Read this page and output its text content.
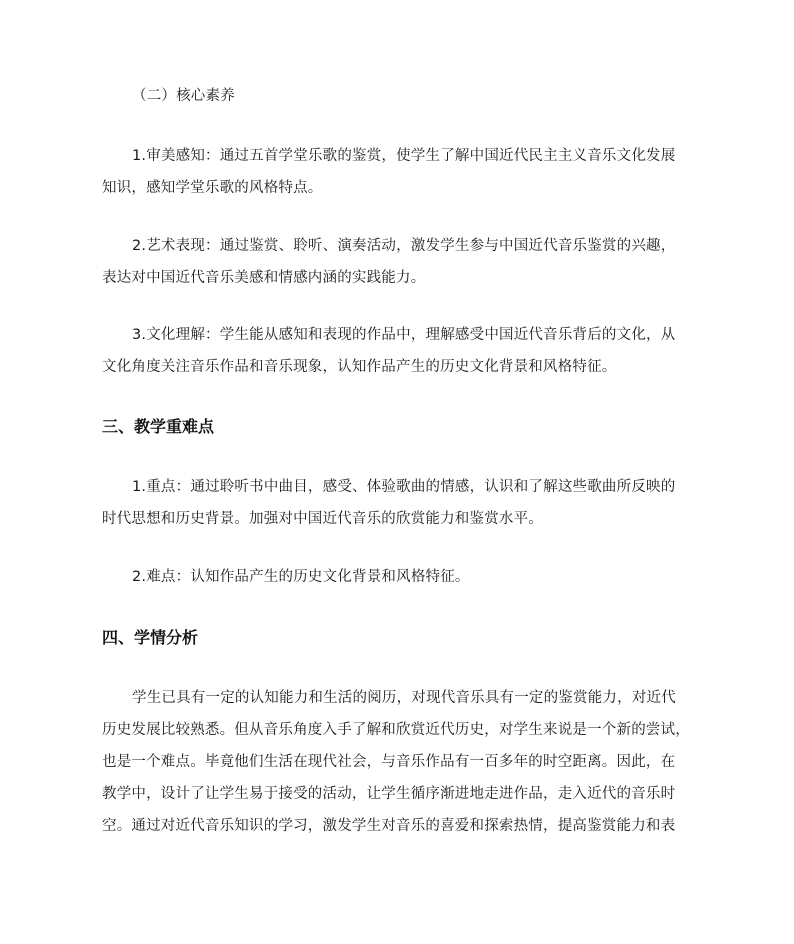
（二）核心素养
1.审美感知：通过五首学堂乐歌的鉴赏，使学生了解中国近代民主主义音乐文化发展
知识，感知学堂乐歌的风格特点。
2.艺术表现：通过鉴赏、聆听、演奏活动，激发学生参与中国近代音乐鉴赏的兴趣，
表达对中国近代音乐美感和情感内涵的实践能力。
3.文化理解：学生能从感知和表现的作品中，理解感受中国近代音乐背后的文化，从
文化角度关注音乐作品和音乐现象，认知作品产生的历史文化背景和风格特征。
三、教学重难点
1.重点：通过聆听书中曲目，感受、体验歌曲的情感，认识和了解这些歌曲所反映的
时代思想和历史背景。加强对中国近代音乐的欣赏能力和鉴赏水平。
2.难点：认知作品产生的历史文化背景和风格特征。
四、学情分析
学生已具有一定的认知能力和生活的阅历，对现代音乐具有一定的鉴赏能力，对近代
历史发展比较熟悉。但从音乐角度入手了解和欣赏近代历史，对学生来说是一个新的尝试，
也是一个难点。毕竟他们生活在现代社会，与音乐作品有一百多年的时空距离。因此，在
教学中，设计了让学生易于接受的活动，让学生循序渐进地走进作品，走入近代的音乐时
空。通过对近代音乐知识的学习，激发学生对音乐的喜爱和探索热情，提高鉴赏能力和表
